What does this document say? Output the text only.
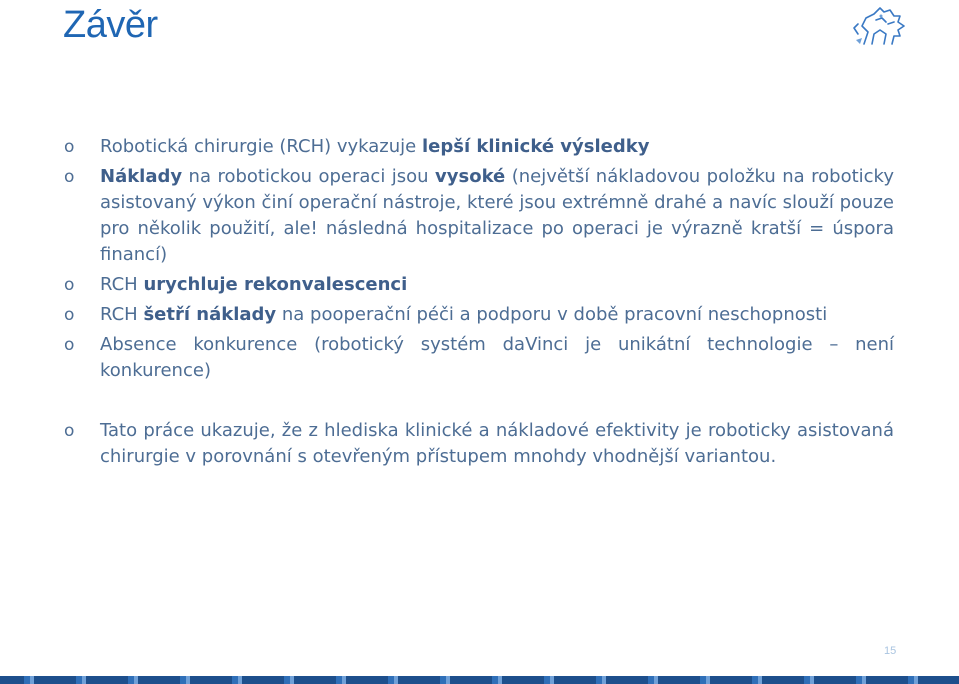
Závěr
o Robotická chirurgie (RCH) vykazuje lepší klinické výsledky
o Náklady na robotickou operaci jsou vysoké (největší nákladovou položku na roboticky asistovaný výkon činí operační nástroje, které jsou extrémně drahé a navíc slouží pouze pro několik použití, ale! následná hospitalizace po operaci je výrazně kratší = úspora financí)
o RCH urychluje rekonvalescenci
o RCH šetří náklady na pooperační péči a podporu v době pracovní neschopnosti
o Absence konkurence (robotický systém daVinci je unikátní technologie – není konkurence)
o Tato práce ukazuje, že z hlediska klinické a nákladové efektivity je roboticky asistovaná chirurgie v porovnání s otevřeným přístupem mnohdy vhodnější variantou.
15
